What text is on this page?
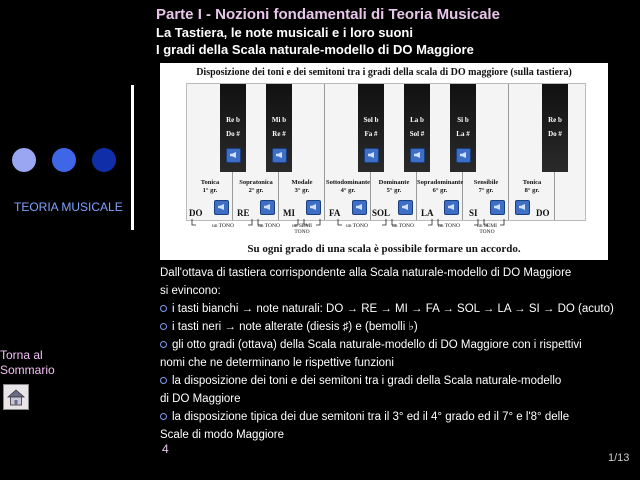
Parte I - Nozioni fondamentali di Teoria Musicale
La Tastiera, le note musicali e i loro suoni
I gradi della Scala naturale-modello di DO Maggiore
TEORIA MUSICALE
Torna al
Sommario
Disposizione dei toni e dei semitoni tra i gradi della scala di DO maggiore (sulla tastiera)
Re b
Do #
Mi b
Re #
Sol b
Fa #
La b
Sol #
Si b
La #
Re b
Do #
Tonica
1° gr.
Sopratonica
2° gr.
Modale
3° gr.
Sottodominante
4° gr.
Dominante
5° gr.
Sopradominante
6° gr.
Sensibile
7° gr.
Tonica
8° gr.
DO	RE	MI	FA	SOL	LA	SI	DO
un TONO	un TONO	un SEMI TONO
un TONO	un TONO	un TONO	un SEMI TONO
Su ogni grado di una scala è possibile formare un accordo.
Dall'ottava di tastiera corrispondente alla Scala naturale-modello di DO Maggiore
si evincono:
i tasti bianchi → note naturali: DO → RE → MI → FA → SOL → LA → SI → DO (acuto)
i tasti neri → note alterate (diesis ♯) e (bemolli ♭)
gli otto gradi (ottava) della Scala naturale-modello di DO Maggiore con i rispettivi
nomi che ne determinano le rispettive funzioni
la disposizione dei toni e dei semitoni tra i gradi della Scala naturale-modello
di DO Maggiore
la disposizione tipica dei due semitoni tra il 3° ed il 4° grado ed il 7° e l'8° delle
Scale di modo Maggiore
4
1/13
